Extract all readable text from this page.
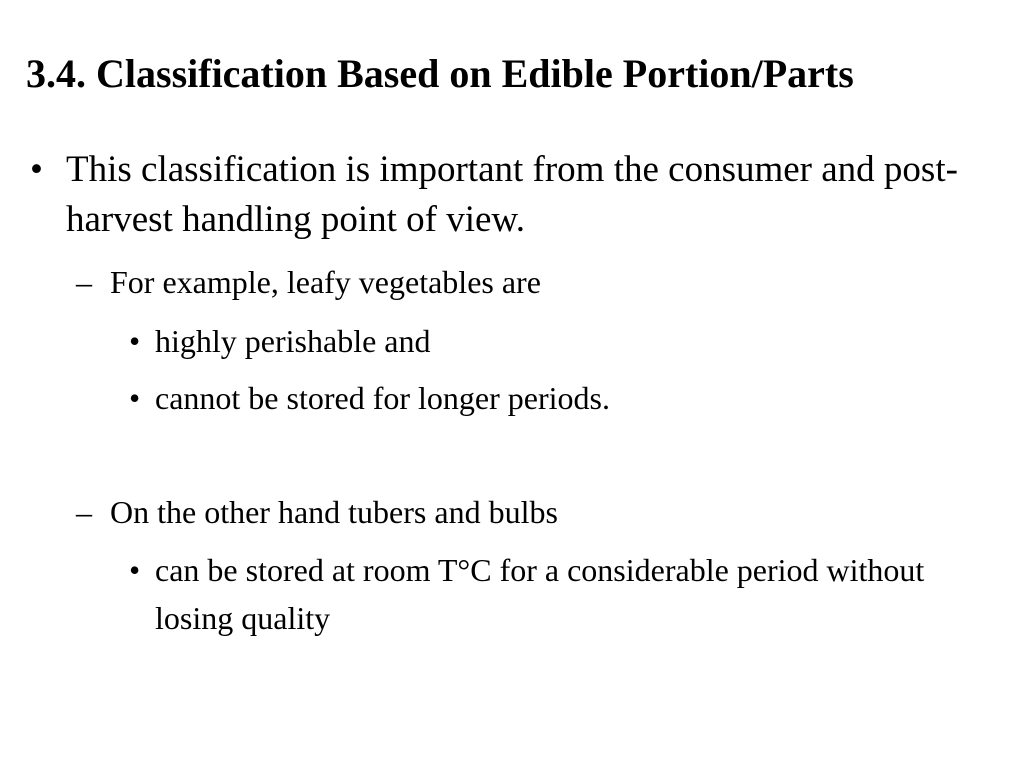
3.4. Classification Based on Edible Portion/Parts
• This classification is important from the consumer and post-harvest handling point of view.
– For example, leafy vegetables are
• highly perishable and
• cannot be stored for longer periods.
– On the other hand tubers and bulbs
• can be stored at room T°C for a considerable period without losing quality
